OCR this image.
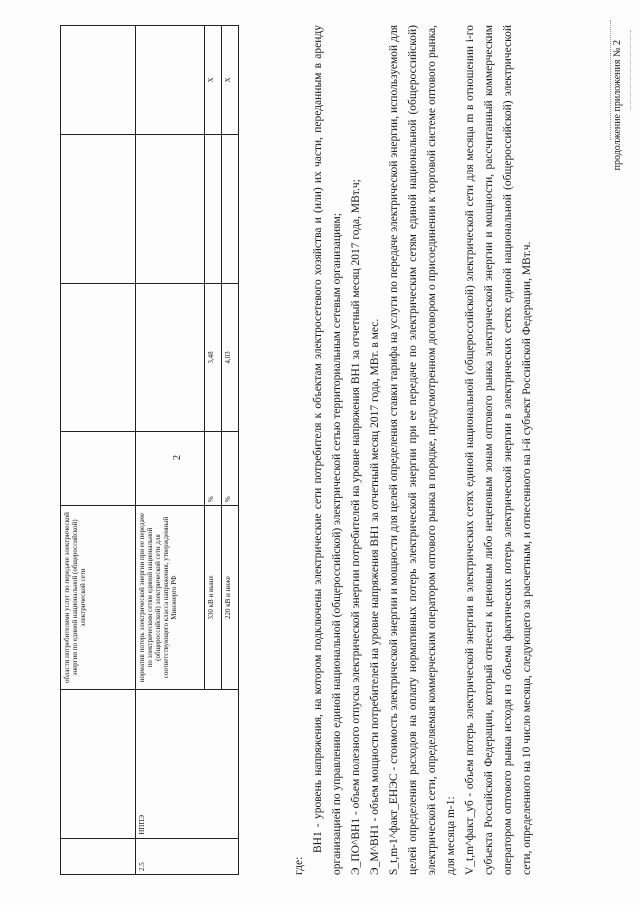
2
продолжение приложения № 2
		области потребителями услуг по передаче электрической энергии по единой национальной (общероссийской) электрической сети				
2.5	НППЭ	норматив потерь электрической энергии при ее передаче по электрическим сетям единой национальной (общероссийской) электрической сети для соответствующего класса напряжения, утвержденный Минэнерго РФ				
		330 кВ и выше	%	3,48		X
		220 кВ и ниже	%	4,03		X

где:

ВН1 - уровень напряжения, на котором подключены электрические сети потребителя к объектам электросетевого хозяйства и (или) их части, переданным в аренду организацией по управлению единой национальной (общероссийской) электрической сетью территориальным сетевым организациям; Э_ПО^ВН1 - объем полезного отпуска электрической энергии потребителей на уровне напряжения ВН1 за отчетный месяц 2017 года, МВт.ч; Э_М^ВН1 - объем мощности потребителей на уровне напряжения ВН1 за отчетный месяц 2017 года, МВт. в мес. S_t,m-1^факт_ЕНЭС - стоимость электрической энергии и мощности для целей определения ставки тарифа на услуги по передаче электрической энергии, используемой для целей определения расходов на оплату нормативных потерь электрической энергии при ее передаче по электрическим сетям единой национальной (общероссийской) электрической сети, определяемая коммерческим оператором оптового рынка в порядке, предусмотренном договором о присоединении к торговой системе оптового рынка, для месяца m-1: V_t,m^факт_уб - объем потерь электрической энергии в электрических сетях единой национальной (общероссийской) электрической сети для месяца m в отношении i-го субъекта Российской Федерации, который отнесен к ценовым либо неценовым зонам оптового рынка электрической энергии и мощности, рассчитанный коммерческим оператором оптового рынка исходя из объема фактических потерь электрической энергии в электрических сетях единой национальной (общероссийской) электрической сети, определенного на 10 число месяца, следующего за расчетным, и отнесенного на i-й субъект Российской Федерации, МВт.ч.
